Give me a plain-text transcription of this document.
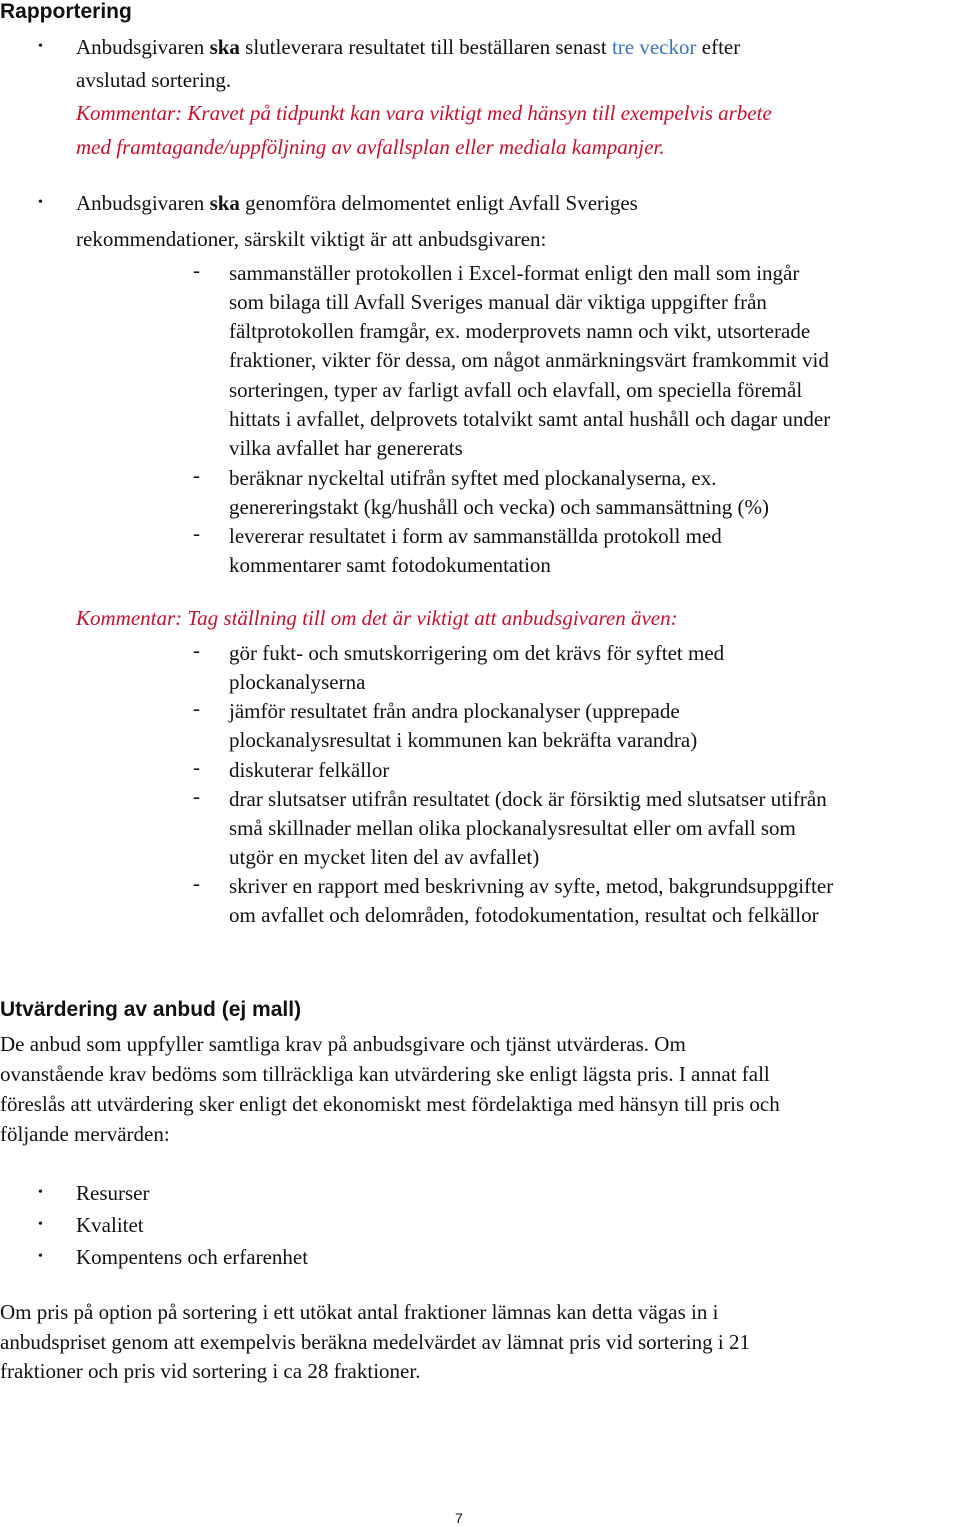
Rapportering
• Anbudsgivaren ska slutleverara resultatet till beställaren senast tre veckor efter
avslutad sortering.
Kommentar: Kravet på tidpunkt kan vara viktigt med hänsyn till exempelvis arbete
med framtagande/uppföljning av avfallsplan eller mediala kampanjer.
• Anbudsgivaren ska genomföra delmomentet enligt Avfall Sveriges
rekommendationer, särskilt viktigt är att anbudsgivaren:
-	sammanställer protokollen i Excel-format enligt den mall som ingår
som bilaga till Avfall Sveriges manual där viktiga uppgifter från
fältprotokollen framgår, ex. moderprovets namn och vikt, utsorterade
fraktioner, vikter för dessa, om något anmärkningsvärt framkommit vid
sorteringen, typer av farligt avfall och elavfall, om speciella föremål
hittats i avfallet, delprovets totalvikt samt antal hushåll och dagar under
vilka avfallet har genererats
-	beräknar nyckeltal utifrån syftet med plockanalyserna, ex.
genereringstakt (kg/hushåll och vecka) och sammansättning (%)
-	levererar resultatet i form av sammanställda protokoll med
kommentarer samt fotodokumentation
Kommentar: Tag ställning till om det är viktigt att anbudsgivaren även:
-	gör fukt- och smutskorrigering om det krävs för syftet med
plockanalyserna
-	jämför resultatet från andra plockanalyser (upprepade
plockanalysresultat i kommunen kan bekräfta varandra)
-	diskuterar felkällor
-	drar slutsatser utifrån resultatet (dock är försiktig med slutsatser utifrån
små skillnader mellan olika plockanalysresultat eller om avfall som
utgör en mycket liten del av avfallet)
-	skriver en rapport med beskrivning av syfte, metod, bakgrundsuppgifter
om avfallet och delområden, fotodokumentation, resultat och felkällor
Utvärdering av anbud (ej mall)
De anbud som uppfyller samtliga krav på anbudsgivare och tjänst utvärderas. Om
ovanstående krav bedöms som tillräckliga kan utvärdering ske enligt lägsta pris. I annat fall
föreslås att utvärdering sker enligt det ekonomiskt mest fördelaktiga med hänsyn till pris och
följande mervärden:
• Resurser
• Kvalitet
• Kompentens och erfarenhet
Om pris på option på sortering i ett utökat antal fraktioner lämnas kan detta vägas in i
anbudspriset genom att exempelvis beräkna medelvärdet av lämnat pris vid sortering i 21
fraktioner och pris vid sortering i ca 28 fraktioner.
7
